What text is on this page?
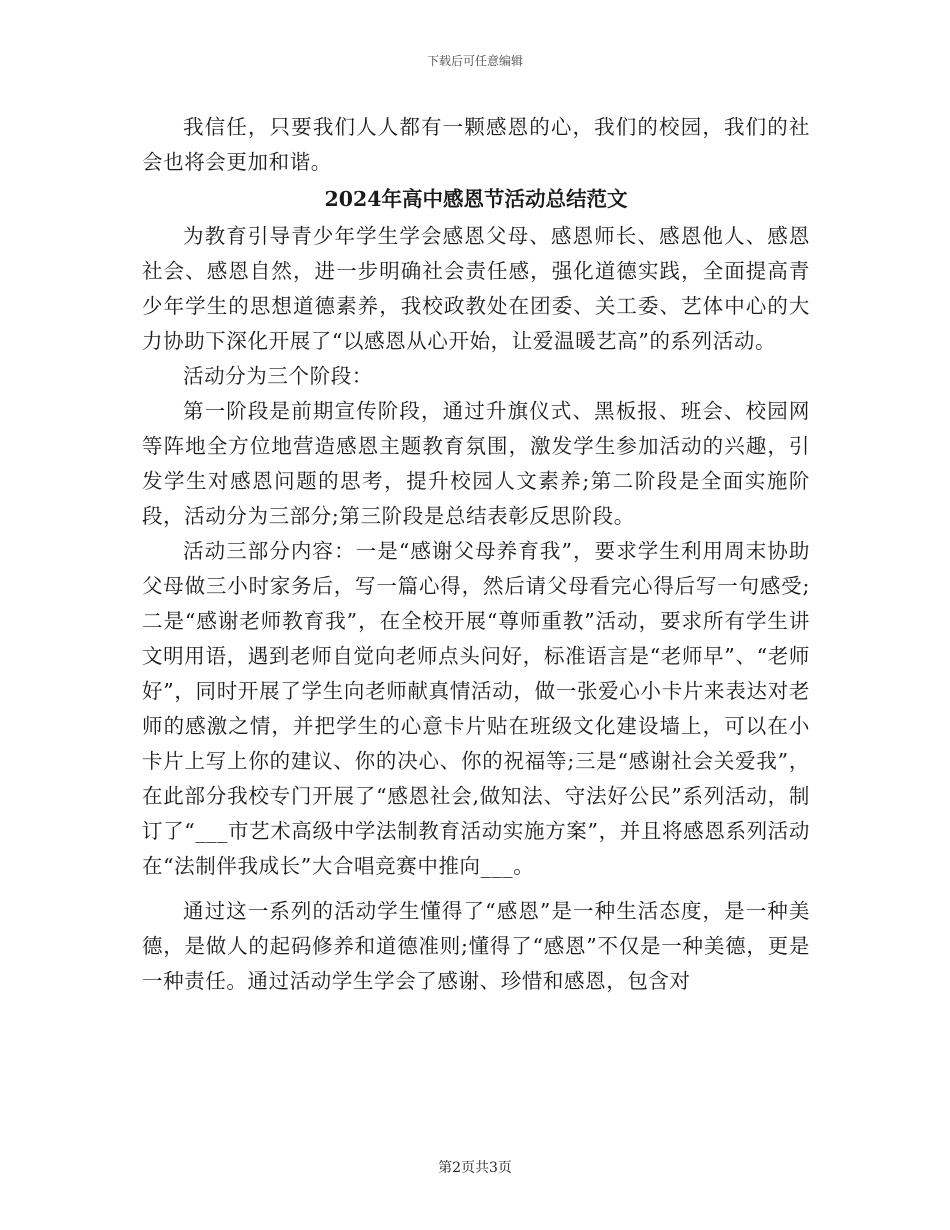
下载后可任意编辑

我信任，只要我们人人都有一颗感恩的心，我们的校园，我们的社会也将会更加和谐。

2024年高中感恩节活动总结范文

为教育引导青少年学生学会感恩父母、感恩师长、感恩他人、感恩社会、感恩自然，进一步明确社会责任感，强化道德实践，全面提高青少年学生的思想道德素养，我校政教处在团委、关工委、艺体中心的大力协助下深化开展了“以感恩从心开始，让爱温暖艺高”的系列活动。

活动分为三个阶段：

第一阶段是前期宣传阶段，通过升旗仪式、黑板报、班会、校园网等阵地全方位地营造感恩主题教育氛围，激发学生参加活动的兴趣，引发学生对感恩问题的思考，提升校园人文素养;第二阶段是全面实施阶段，活动分为三部分;第三阶段是总结表彰反思阶段。

活动三部分内容：一是“感谢父母养育我”，要求学生利用周末协助父母做三小时家务后，写一篇心得，然后请父母看完心得后写一句感受;二是“感谢老师教育我”，在全校开展“尊师重教”活动，要求所有学生讲文明用语，遇到老师自觉向老师点头问好，标准语言是“老师早”、“老师好”，同时开展了学生向老师献真情活动，做一张爱心小卡片来表达对老师的感激之情，并把学生的心意卡片贴在班级文化建设墙上，可以在小卡片上写上你的建议、你的决心、你的祝福等;三是“感谢社会关爱我”，在此部分我校专门开展了“感恩社会,做知法、守法好公民”系列活动，制订了“___市艺术高级中学法制教育活动实施方案”，并且将感恩系列活动在“法制伴我成长”大合唱竞赛中推向___。

通过这一系列的活动学生懂得了“感恩”是一种生活态度，是一种美德，是做人的起码修养和道德准则;懂得了“感恩”不仅是一种美德，更是一种责任。通过活动学生学会了感谢、珍惜和感恩，包含对

第2页共3页
